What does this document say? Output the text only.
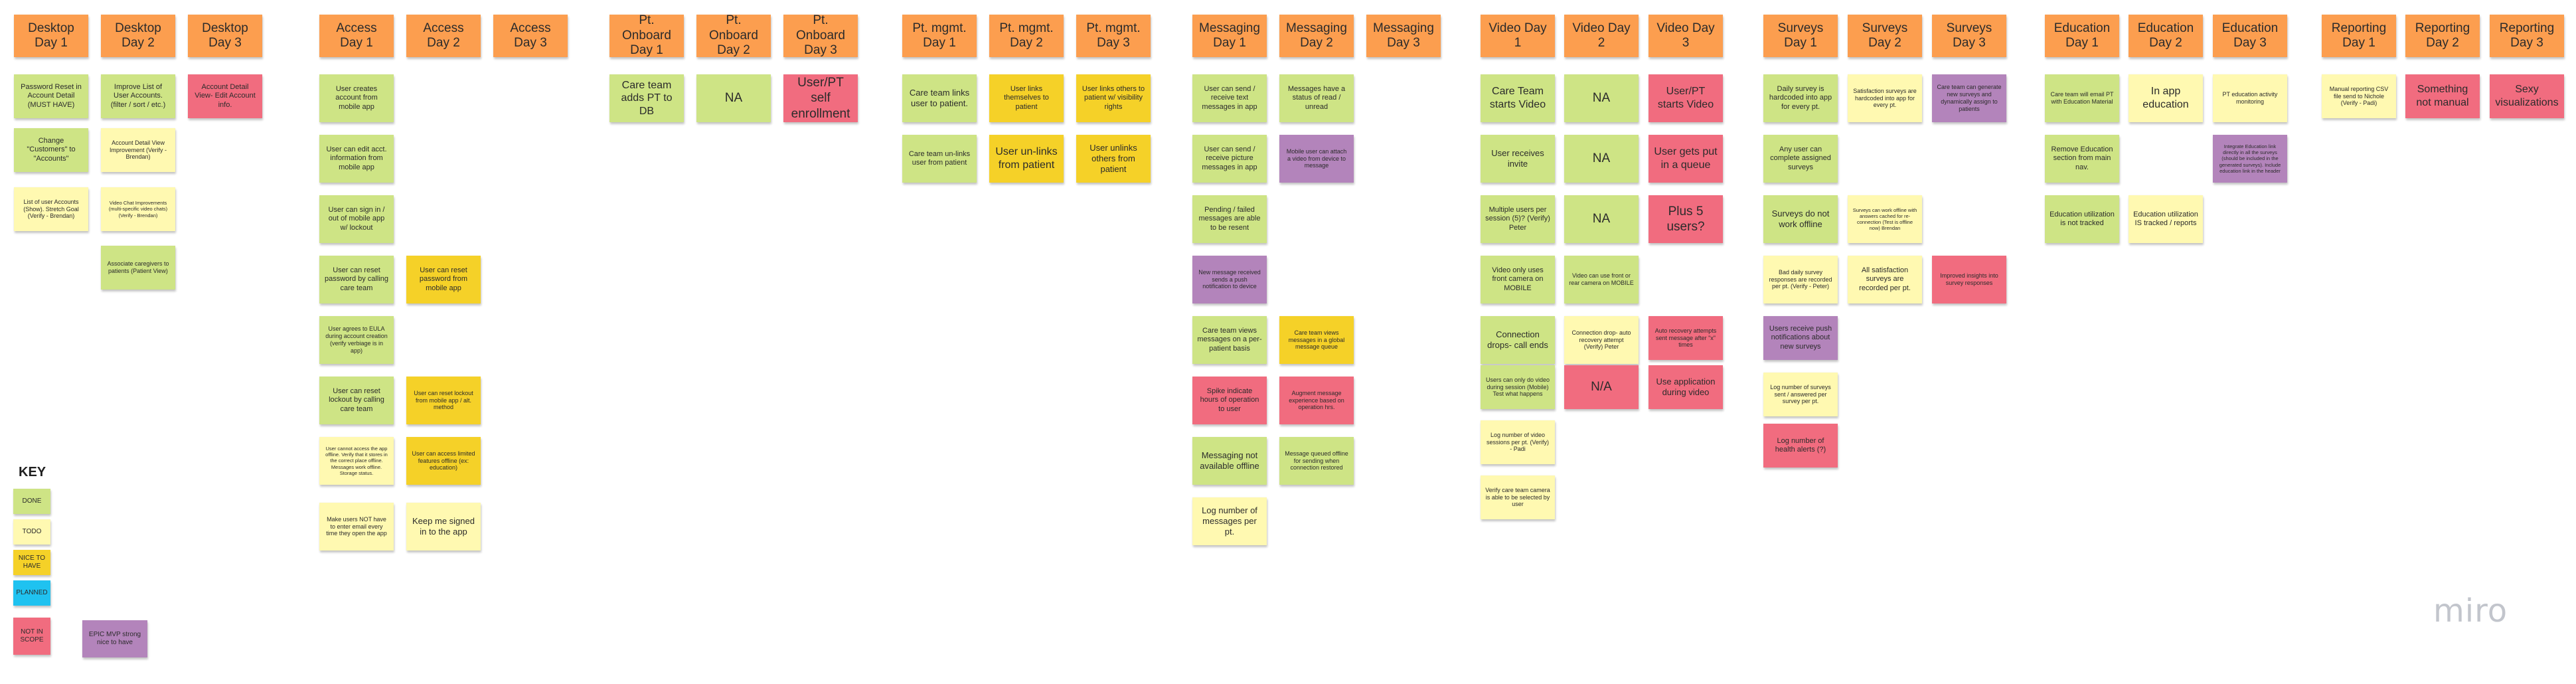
KEY
DONE
TODO
NICE TO HAVE
PLANNED
NOT IN SCOPE
EPIC MVP strong nice to have
Desktop Day 1
Desktop Day 2
Desktop Day 3
Access Day 1
Access Day 2
Access Day 3
Pt. Onboard Day 1
Pt. Onboard Day 2
Pt. Onboard Day 3
Pt. mgmt. Day 1
Pt. mgmt. Day 2
Pt. mgmt. Day 3
Messaging Day 1
Messaging Day 2
Messaging Day 3
Video Day 1
Video Day 2
Video Day 3
Surveys Day 1
Surveys Day 2
Surveys Day 3
Education Day 1
Education Day 2
Education Day 3
Reporting Day 1
Reporting Day 2
Reporting Day 3
Password Reset in Account Detail (MUST HAVE)
Change "Customers" to "Accounts"
List of user Accounts (Show). Stretch Goal (Verify - Brendan)
Improve List of User Accounts. (filter / sort / etc.)
Account Detail View Improvement (Verify - Brendan)
Video Chat Improvements (multi-specific video chats) (Verify - Brendan)
Associate caregivers to patients (Patient View)
Account Detail View- Edit Account info.
User creates account from mobile app
User can edit acct. information from mobile app
User can sign in / out of mobile app w/ lockout
User can reset password by calling care team
User agrees to EULA during account creation (verify verbiage is in app)
User can reset lockout by calling care team
User cannot access the app offline. Verify that it stores in the correct place offline. Messages work offline. Storage status.
Make users NOT have to enter email every time they open the app
User can reset password from mobile app
User can reset lockout from mobile app / alt. method
User can access limited features offline (ex: education)
Keep me signed in to the app
Care team adds PT to DB
NA
User/PT self enrollment
Care team links user to patient.
Care team un-links user from patient
User links themselves to patient
User un-links from patient
User links others to patient w/ visibility rights
User unlinks others from patient
User can send / receive text messages in app
User can send / receive picture messages in app
Pending / failed messages are able to be resent
New message received sends a push notification to device
Care team views messages on a per-patient basis
Spike indicate hours of operation to user
Messaging not available offline
Log number of messages per pt.
Messages have a status of read / unread
Mobile user can attach a video from device to message
Care team views messages in a global message queue
Augment message experience based on operation hrs.
Message queued offline for sending when connection restored
Care Team starts Video
User receives invite
Multiple users per session (5)? (Verify) Peter
Video only uses front camera on MOBILE
Connection drops- call ends
Users can only do video during session (Mobile) Test what happens
Log number of video sessions per pt. (Verify) - Padi
Verify care team camera is able to be selected by user
NA
NA
NA
Video can use front or rear camera on MOBILE
Connection drop- auto recovery attempt (Verify) Peter
N/A
User/PT starts Video
User gets put in a queue
Plus 5 users?
Auto recovery attempts sent message after "x" times
Use application during video
Daily survey is hardcoded into app for every pt.
Any user can complete assigned surveys
Surveys do not work offline
Bad daily survey responses are recorded per pt. (Verify - Peter)
Users receive push notifications about new surveys
Log number of surveys sent / answered per survey per pt.
Log number of health alerts (?)
Satisfaction surveys are hardcoded into app for every pt.
Surveys can work offline with answers cached for re-connection (Test is offline now) Brendan
All satisfaction surveys are recorded per pt.
Care team can generate new surveys and dynamically assign to patients
Improved insights into survey responses
Care team will email PT with Education Material
Remove Education section from main nav.
Education utilization is not tracked
In app education
Education utilization IS tracked / reports
PT education activity monitoring
Integrate Education link directly in all the surveys (should be included in the generated surveys). Include education link in the header
Manual reporting CSV file send to Nichole (Verify - Padi)
Something not manual
Sexy visualizations
miro
